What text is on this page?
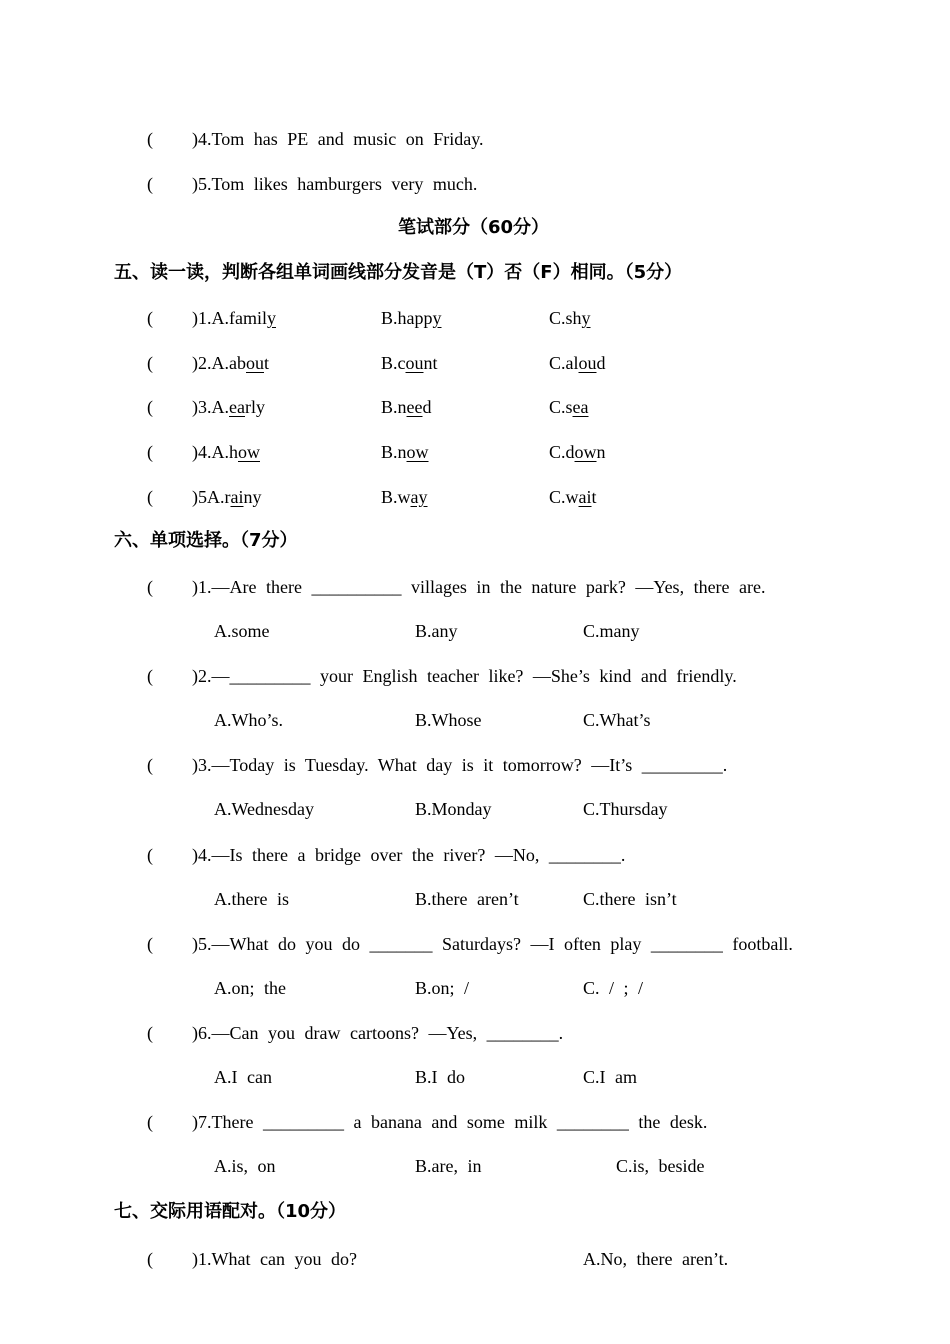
( )4.Tom has PE and music on Friday.
( )5.Tom likes hamburgers very much.
笔试部分（60分）
五、读一读，判断各组单词画线部分发音是（T）否（F）相同。（5分）
( )1.A.family	B.happy	C.shy
( )2.A.about	B.count	C.aloud
( )3.A.early	B.need	C.sea
( )4.A.how	B.now	C.down
( )5A.rainy	B.way	C.wait
六、单项选择。（7分）
( )1.—Are there __________ villages in the nature park? —Yes, there are.
A.some	B.any	C.many
( )2.—_________ your English teacher like? —She’s kind and friendly.
A.Who’s.	B.Whose	C.What’s
( )3.—Today is Tuesday. What day is it tomorrow? —It’s _________.
A.Wednesday	B.Monday	C.Thursday
( )4.—Is there a bridge over the river? —No, ________.
A.there is	B.there aren’t	C.there isn’t
( )5.—What do you do _______ Saturdays? —I often play ________ football.
A.on; the	B.on; /	C. / ; /
( )6.—Can you draw cartoons? —Yes, ________.
A.I can	B.I do	C.I am
( )7.There _________ a banana and some milk ________ the desk.
A.is, on	B.are, in	C.is, beside
七、交际用语配对。（10分）
( )1.What can you do?	A.No, there aren’t.
